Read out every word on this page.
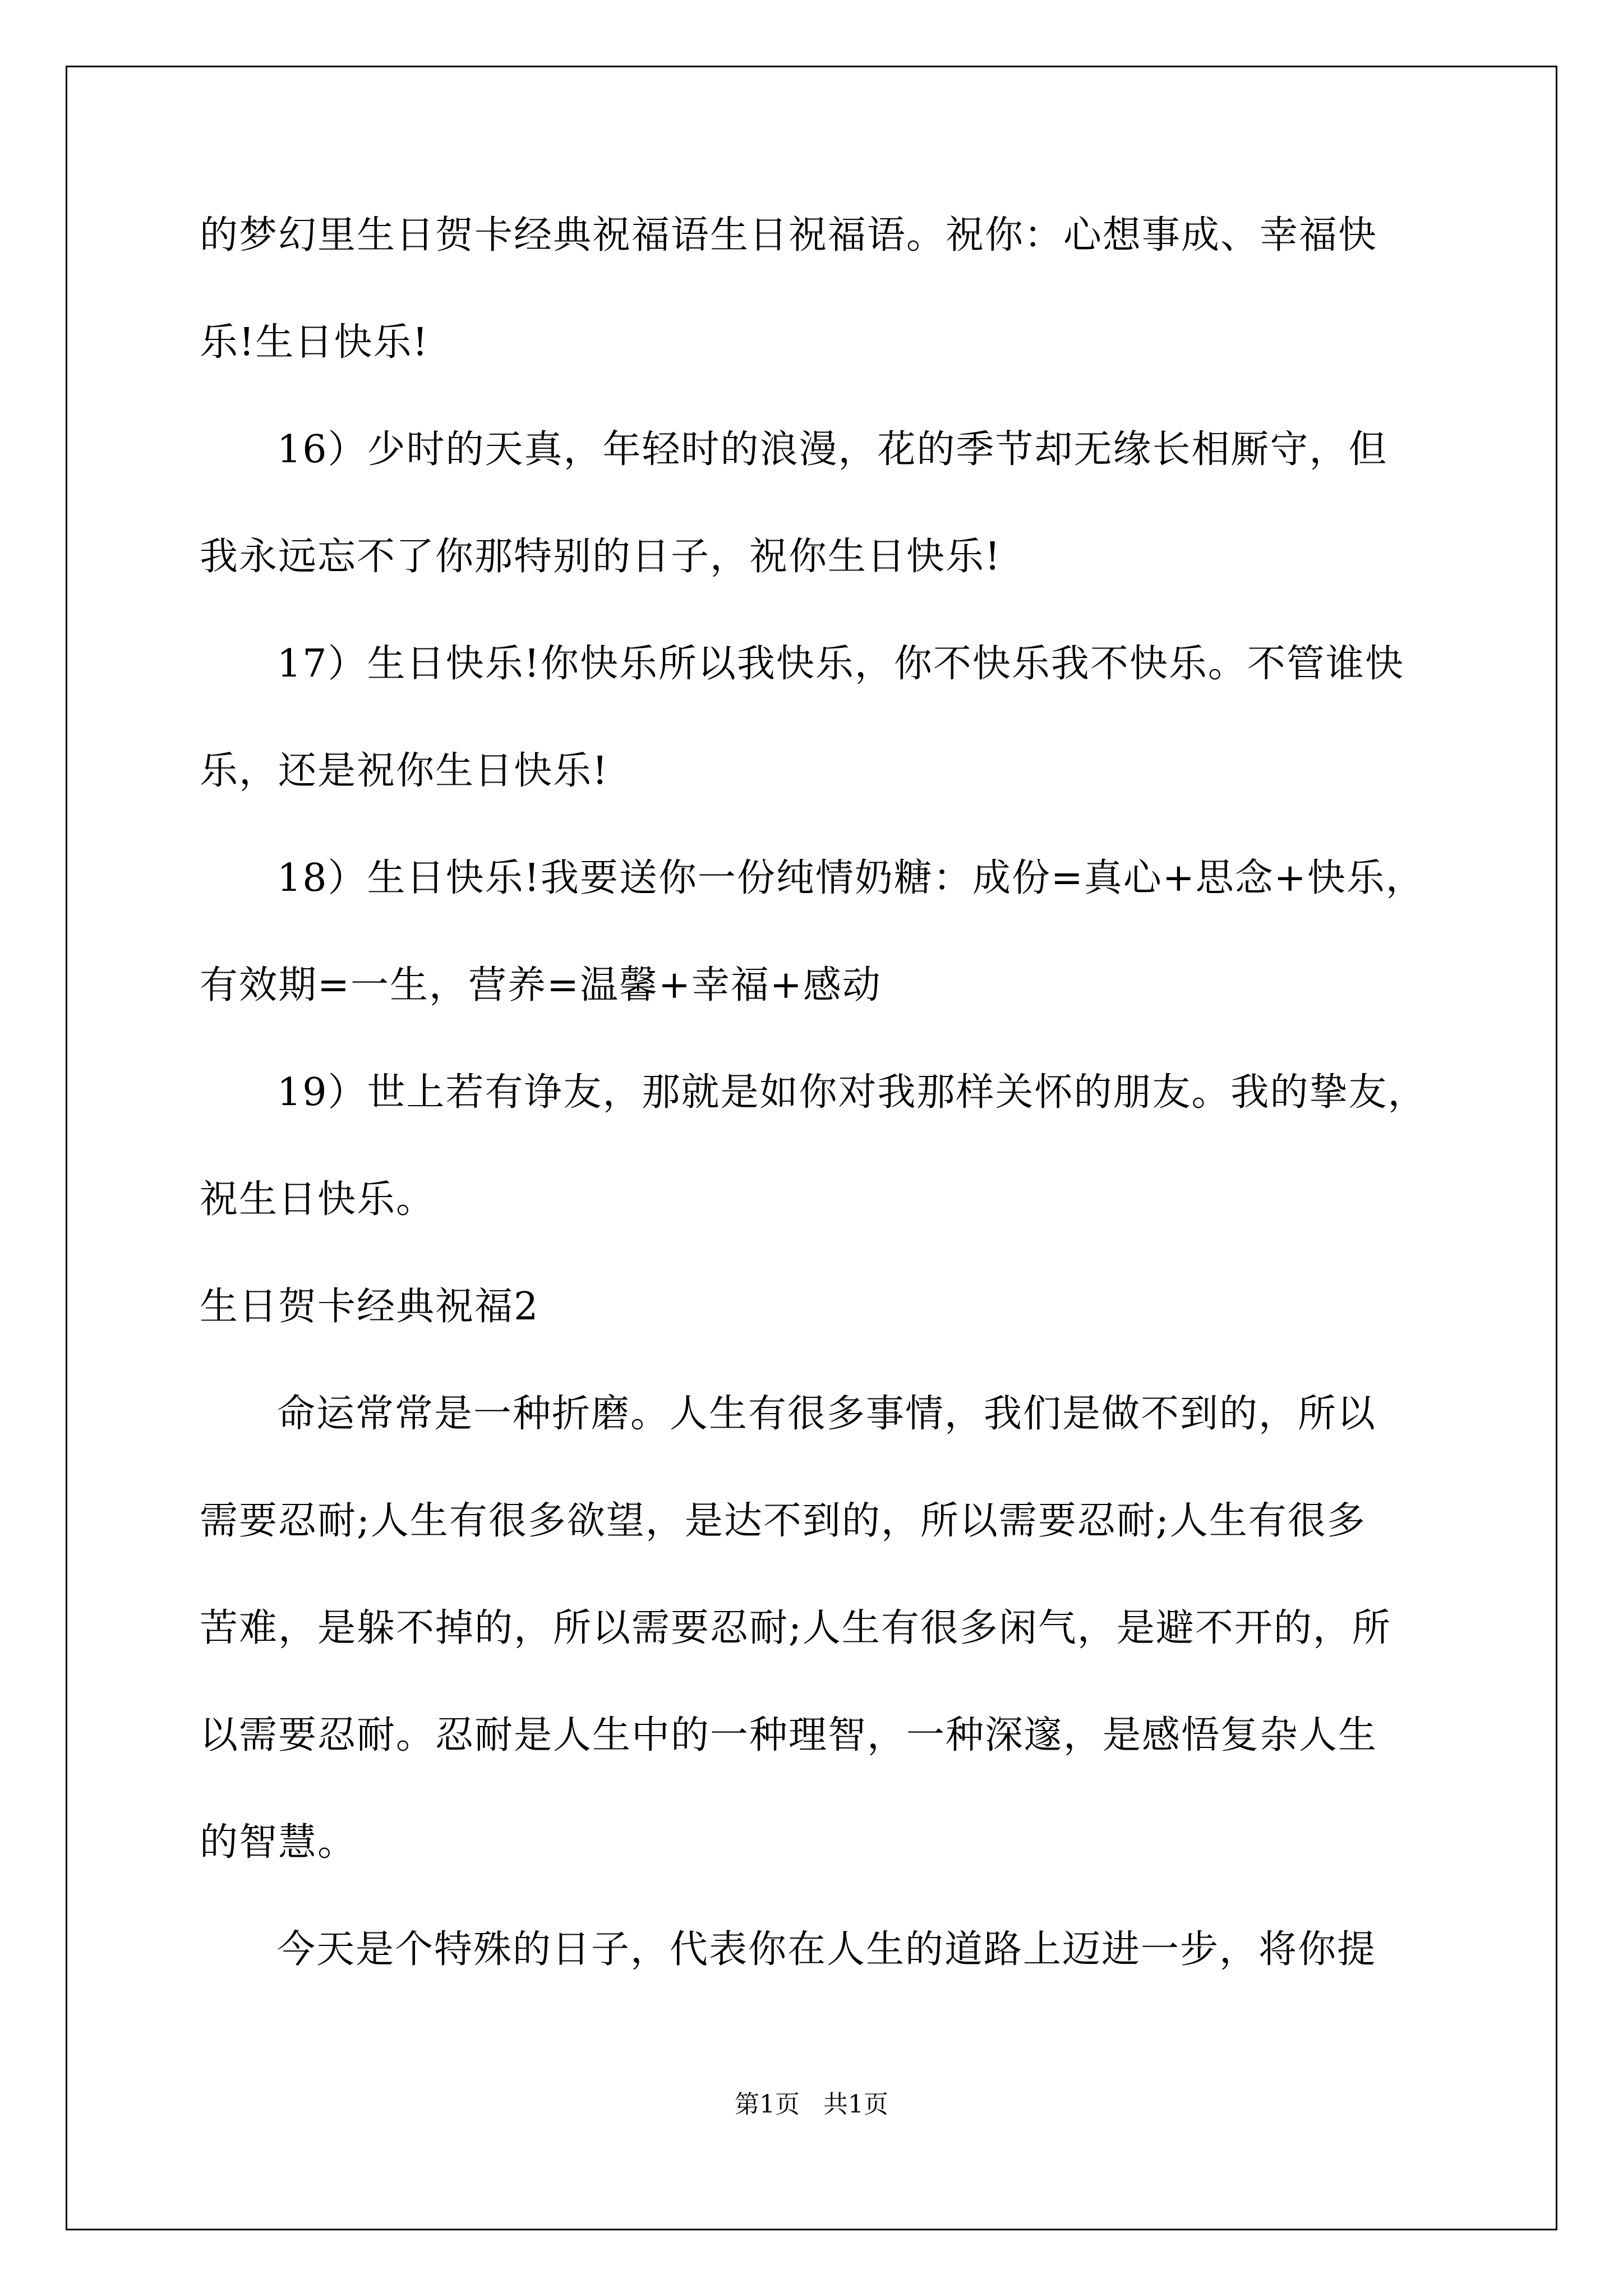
的梦幻里生日贺卡经典祝福语生日祝福语。祝你：心想事成、幸福快
乐!生日快乐!
16）少时的天真，年轻时的浪漫，花的季节却无缘长相厮守，但
我永远忘不了你那特别的日子，祝你生日快乐!
17）生日快乐!你快乐所以我快乐，你不快乐我不快乐。不管谁快
乐，还是祝你生日快乐!
18）生日快乐!我要送你一份纯情奶糖：成份=真心+思念+快乐，
有效期=一生，营养=温馨+幸福+感动
19）世上若有诤友，那就是如你对我那样关怀的朋友。我的挚友，
祝生日快乐。
生日贺卡经典祝福2
命运常常是一种折磨。人生有很多事情，我们是做不到的，所以
需要忍耐;人生有很多欲望，是达不到的，所以需要忍耐;人生有很多
苦难，是躲不掉的，所以需要忍耐;人生有很多闲气，是避不开的，所
以需要忍耐。忍耐是人生中的一种理智，一种深邃，是感悟复杂人生
的智慧。
今天是个特殊的日子，代表你在人生的道路上迈进一步，将你提
第1页   共1页
